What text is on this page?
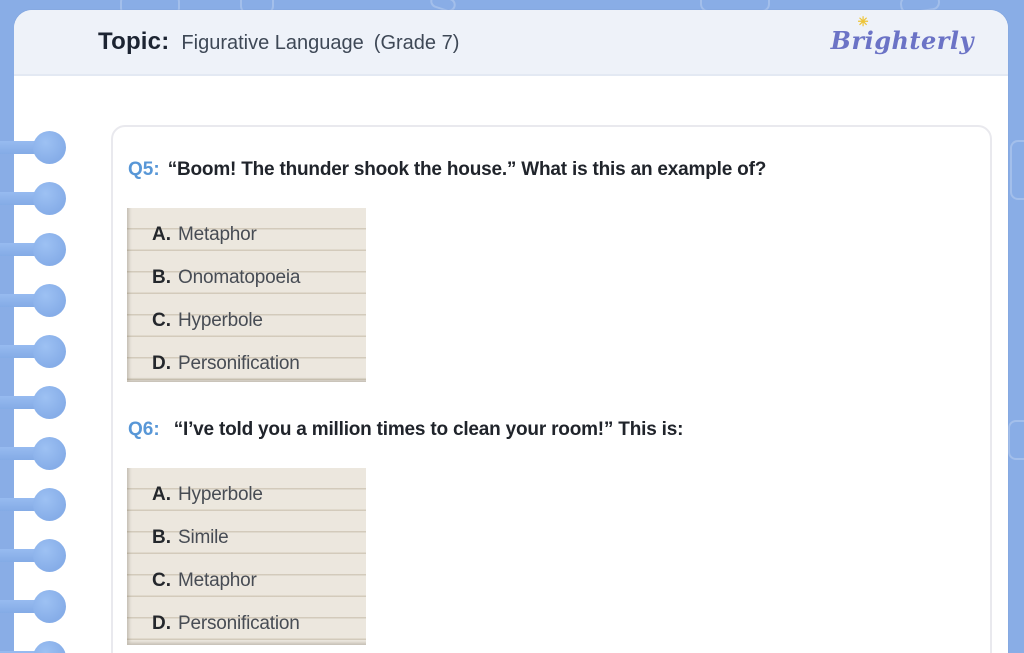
Topic: Figurative Language (Grade 7)
✳
Brighterly
Q5: “Boom! The thunder shook the house.” What is this an example of?
A. Metaphor
B. Onomatopoeia
C. Hyperbole
D. Personification
Q6: “I’ve told you a million times to clean your room!” This is:
A. Hyperbole
B. Simile
C. Metaphor
D. Personification
